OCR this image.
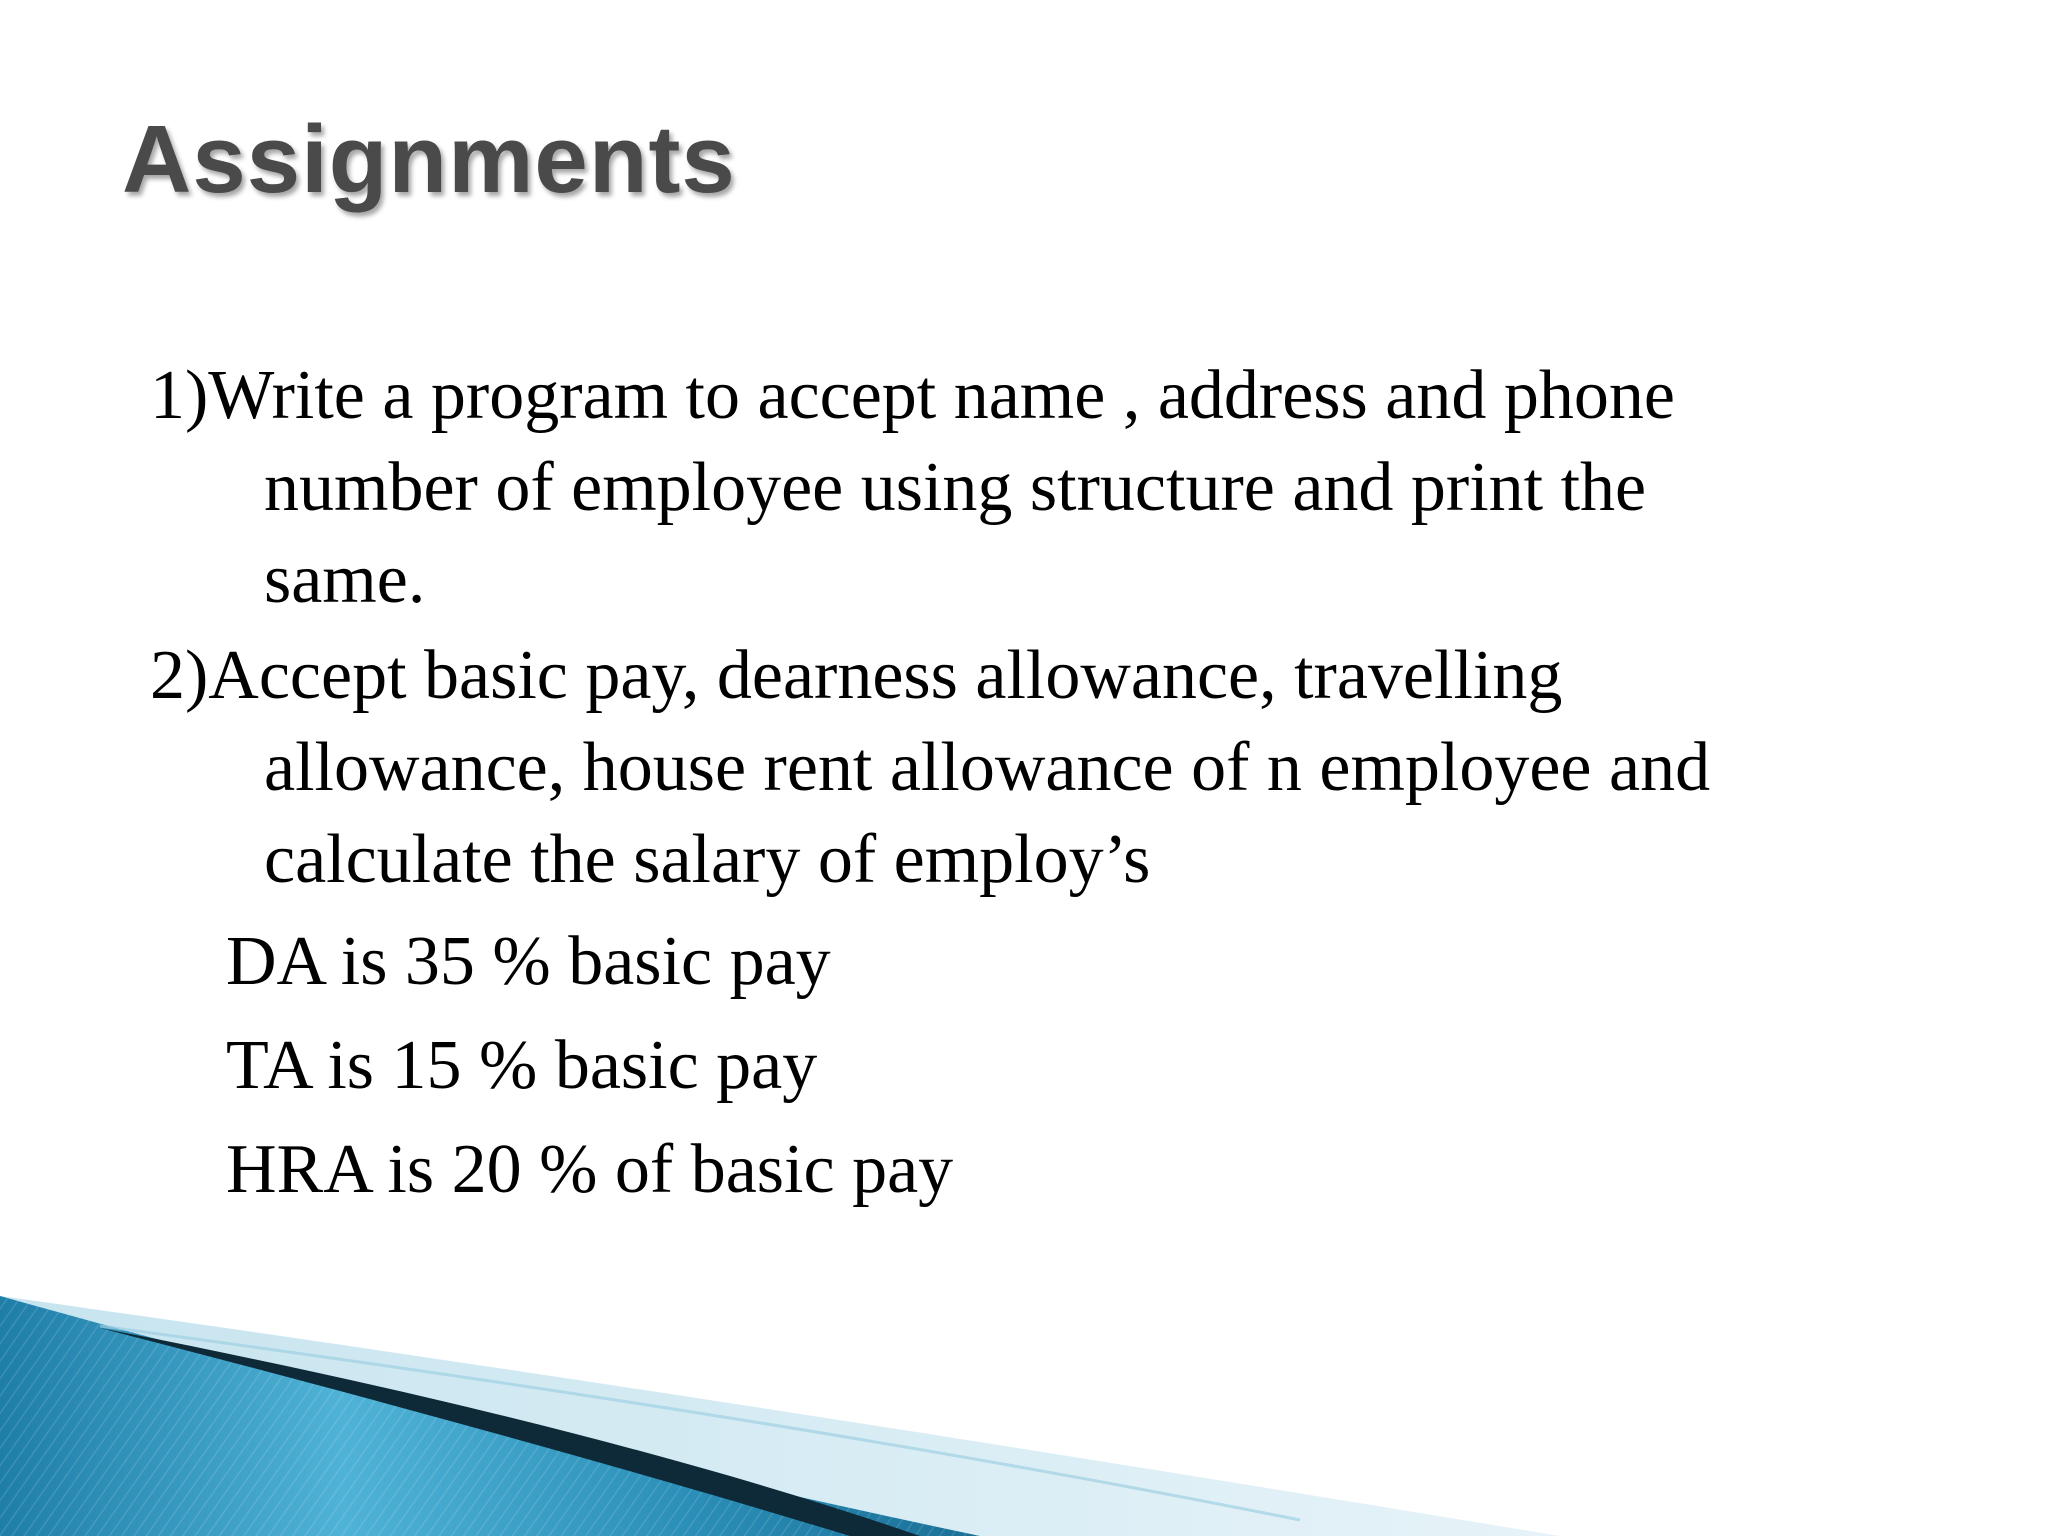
Assignments

1)Write a program to accept name , address and phone
number of employee using structure and print the
same.

2)Accept basic pay, dearness allowance, travelling
allowance, house rent allowance of n employee and
calculate the salary of employ’s

DA is 35 % basic pay

TA is 15 % basic pay

HRA is 20 % of basic pay
